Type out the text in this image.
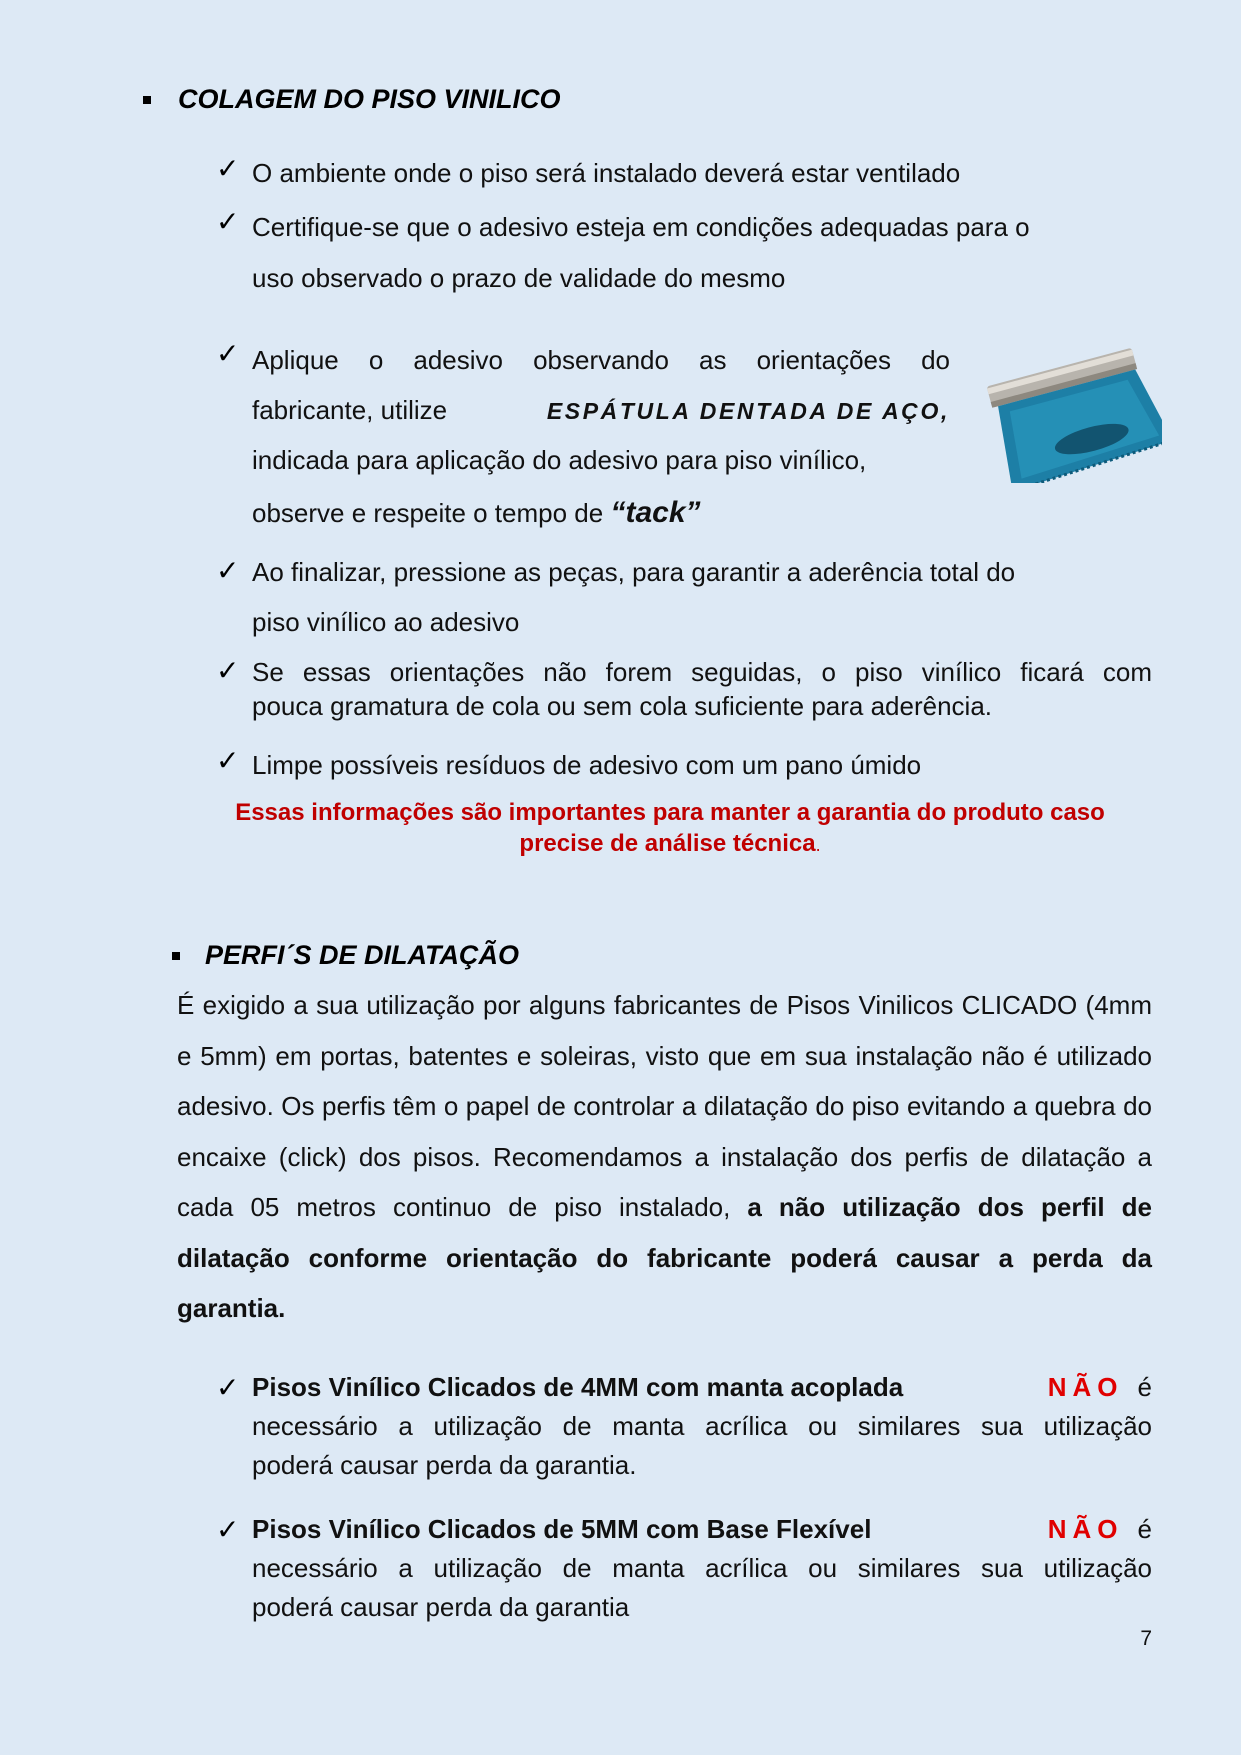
COLAGEM DO PISO VINILICO
✓ O ambiente onde o piso será instalado deverá estar ventilado
✓ Certifique-se que o adesivo esteja em condições adequadas para o
uso observado o prazo de validade do mesmo
✓ Aplique o adesivo observando as orientações do
fabricante, utilize	ESPÁTULA DENTADA DE AÇO,
indicada para aplicação do adesivo para piso vinílico,
observe e respeite o tempo de “tack”
✓ Ao finalizar, pressione as peças, para garantir a aderência total do
piso vinílico ao adesivo
✓ Se essas orientações não forem seguidas, o piso vinílico ficará com
pouca gramatura de cola ou sem cola suficiente para aderência.
✓ Limpe possíveis resíduos de adesivo com um pano úmido
Essas informações são importantes para manter a garantia do produto caso
precise de análise técnica.
PERFI´S DE DILATAÇÃO
É exigido a sua utilização por alguns fabricantes de Pisos Vinilicos CLICADO (4mm e 5mm) em portas, batentes e soleiras, visto que em sua instalação não é utilizado adesivo. Os perfis têm o papel de controlar a dilatação do piso evitando a quebra do encaixe (click) dos pisos. Recomendamos a instalação dos perfis de dilatação a cada 05 metros continuo de piso instalado, a não utilização dos perfil de dilatação conforme orientação do fabricante poderá causar a perda da garantia.
✓ Pisos Vinílico Clicados de 4MM com manta acoplada	NÃO é
necessário a utilização de manta acrílica ou similares sua utilização
poderá causar perda da garantia.
✓ Pisos Vinílico Clicados de 5MM com Base Flexível	NÃO é
necessário a utilização de manta acrílica ou similares sua utilização
poderá causar perda da garantia
7
